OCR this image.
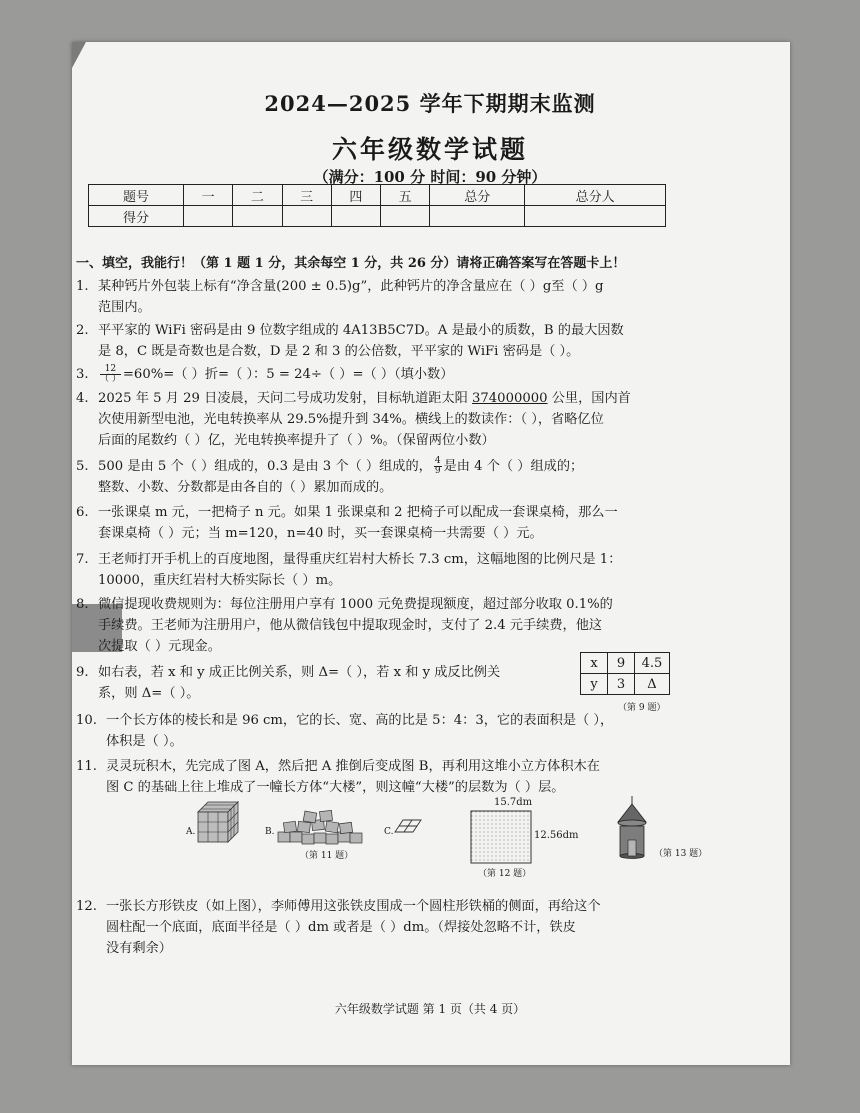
2024—2025 学年下期期末监测
六年级数学试题
（满分：100 分 时间：90 分钟）
题号	一	二	三	四	五	总分	总分人
得分							
一、填空，我能行！（第 1 题 1 分，其余每空 1 分，共 26 分）请将正确答案写在答题卡上！
1. 某种钙片外包装上标有“净含量(200 ± 0.5)g”，此种钙片的净含量应在（ ）g至（ ）g
范围内。
2. 平平家的 WiFi 密码是由 9 位数字组成的 4A13B5C7D。A 是最小的质数，B 的最大因数
是 8，C 既是奇数也是合数，D 是 2 和 3 的公倍数，平平家的 WiFi 密码是（ ）。
3. $\frac{12}{( )} =60\%=$（ ）折=（ ）：5 = 24÷（ ）=（ ）（填小数）
4. 2025 年 5 月 29 日凌晨，天问二号成功发射，目标轨道距太阳 374000000 公里，国内首
次使用新型电池，光电转换率从 29.5%提升到 34%。横线上的数读作：（ ），省略亿位
后面的尾数约（ ）亿，光电转换率提升了（ ）%。（保留两位小数）
5. 500 是由 5 个（ ）组成的，0.3 是由 3 个（ ）组成的， $\frac{4}{9}$ 是由 4 个（ ）组成的；
整数、小数、分数都是由各自的（ ）累加而成的。
6. 一张课桌 m 元，一把椅子 n 元。如果 1 张课桌和 2 把椅子可以配成一套课桌椅，那么一
套课桌椅（ ）元；当 m=120，n=40 时，买一套课桌椅一共需要（ ）元。
7. 王老师打开手机上的百度地图，量得重庆红岩村大桥长 7.3 cm，这幅地图的比例尺是 1：
10000，重庆红岩村大桥实际长（ ）m。
8. 微信提现收费规则为：每位注册用户享有 1000 元免费提现额度，超过部分收取 0.1%的
手续费。王老师为注册用户，他从微信钱包中提取现金时，支付了 2.4 元手续费，他这
次提取（ ）元现金。
x	9	4.5
y	3	Δ
（第 9 题）
9. 如右表，若 x 和 y 成正比例关系，则 Δ=（ ），若 x 和 y 成反比例关
系，则 Δ=（ ）。
10. 一个长方体的棱长和是 96 cm，它的长、宽、高的比是 5：4：3，它的表面积是（ ），
体积是（ ）。
11. 灵灵玩积木，先完成了图 A，然后把 A 推倒后变成图 B，再利用这堆小立方体积木在
图 C 的基础上往上堆成了一幢长方体“大楼”，则这幢“大楼”的层数为（ ）层。
A.	B.
（第 11 题）
C.
15.7dm
12.56dm
（第 12 题）
（第 13 题）
12. 一张长方形铁皮（如上图），李师傅用这张铁皮围成一个圆柱形铁桶的侧面，再给这个
圆柱配一个底面，底面半径是（ ）dm 或者是（ ）dm。（焊接处忽略不计，铁皮
没有剩余）
六年级数学试题 第 1 页（共 4 页）
